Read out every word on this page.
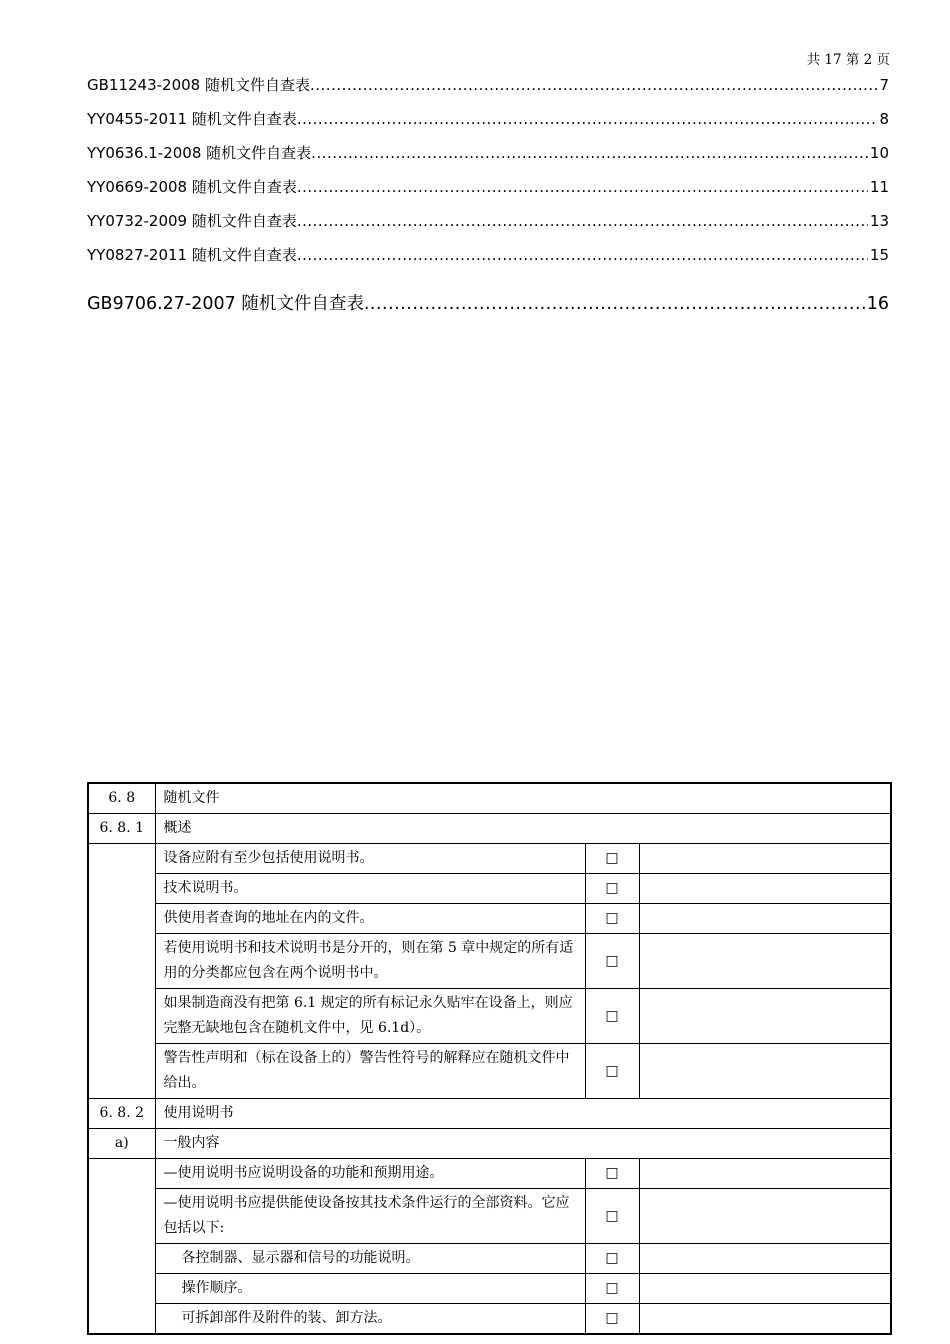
共 17 第 2 页
GB11243-2008 随机文件自查表 .....	7
YY0455-2011 随机文件自查表 .....	8
YY0636.1-2008 随机文件自查表 .....	10
YY0669-2008 随机文件自查表 .....	11
YY0732-2009 随机文件自查表 .....	13
YY0827-2011 随机文件自查表 .....	15
GB9706.27-2007 随机文件自查表 .....	16
6. 8	随机文件		
6. 8. 1	概述		
	设备应附有至少包括使用说明书。	□	
	技术说明书。	□	
	供使用者查询的地址在内的文件。	□	
	若使用说明书和技术说明书是分开的，则在第 5 章中规定的所有适用的分类都应包含在两个说明书中。	□	
	如果制造商没有把第 6.1 规定的所有标记永久贴牢在设备上，则应完整无缺地包含在随机文件中，见 6.1d）。	□	
	警告性声明和（标在设备上的）警告性符号的解释应在随机文件中给出。	□	
6. 8. 2	使用说明书		
a)	一般内容		
	—使用说明书应说明设备的功能和预期用途。	□	
	—使用说明书应提供能使设备按其技术条件运行的全部资料。它应包括以下:	□	
	各控制器、显示器和信号的功能说明。	□	
	操作顺序。	□	
	可拆卸部件及附件的装、卸方法。	□	
